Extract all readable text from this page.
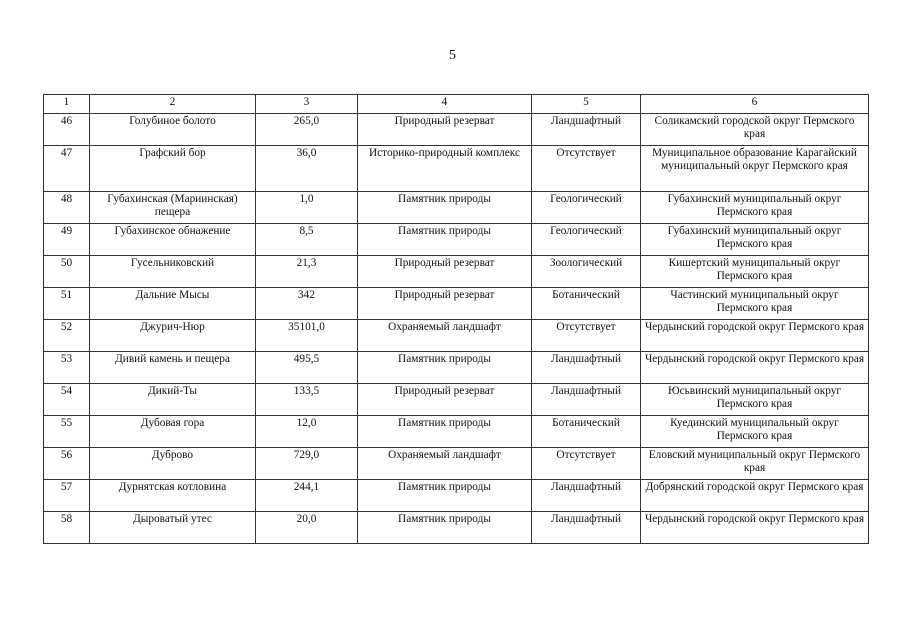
5
1	2	3	4	5	6
46	Голубиное болото	265,0	Природный резерват	Ландшафтный	Соликамский городской округ Пермского края
47	Графский бор	36,0	Историко-природный комплекс	Отсутствует	Муниципальное образование Карагайский муниципальный округ Пермского края
48	Губахинская (Мариинская) пещера	1,0	Памятник природы	Геологический	Губахинский муниципальный округ Пермского края
49	Губахинское обнажение	8,5	Памятник природы	Геологический	Губахинский муниципальный округ Пермского края
50	Гусельниковский	21,3	Природный резерват	Зоологический	Кишертский муниципальный округ Пермского края
51	Дальние Мысы	342	Природный резерват	Ботанический	Частинский муниципальный округ Пермского края
52	Джурич-Нюр	35101,0	Охраняемый ландшафт	Отсутствует	Чердынский городской округ Пермского края
53	Дивий камень и пещера	495,5	Памятник природы	Ландшафтный	Чердынский городской округ Пермского края
54	Дикий-Ты	133,5	Природный резерват	Ландшафтный	Юсьвинский муниципальный округ Пермского края
55	Дубовая гора	12,0	Памятник природы	Ботанический	Куединский муниципальный округ Пермского края
56	Дуброво	729,0	Охраняемый ландшафт	Отсутствует	Еловский муниципальный округ Пермского края
57	Дурнятская котловина	244,1	Памятник природы	Ландшафтный	Добрянский городской округ Пермского края
58	Дыроватый утес	20,0	Памятник природы	Ландшафтный	Чердынский городской округ Пермского края
